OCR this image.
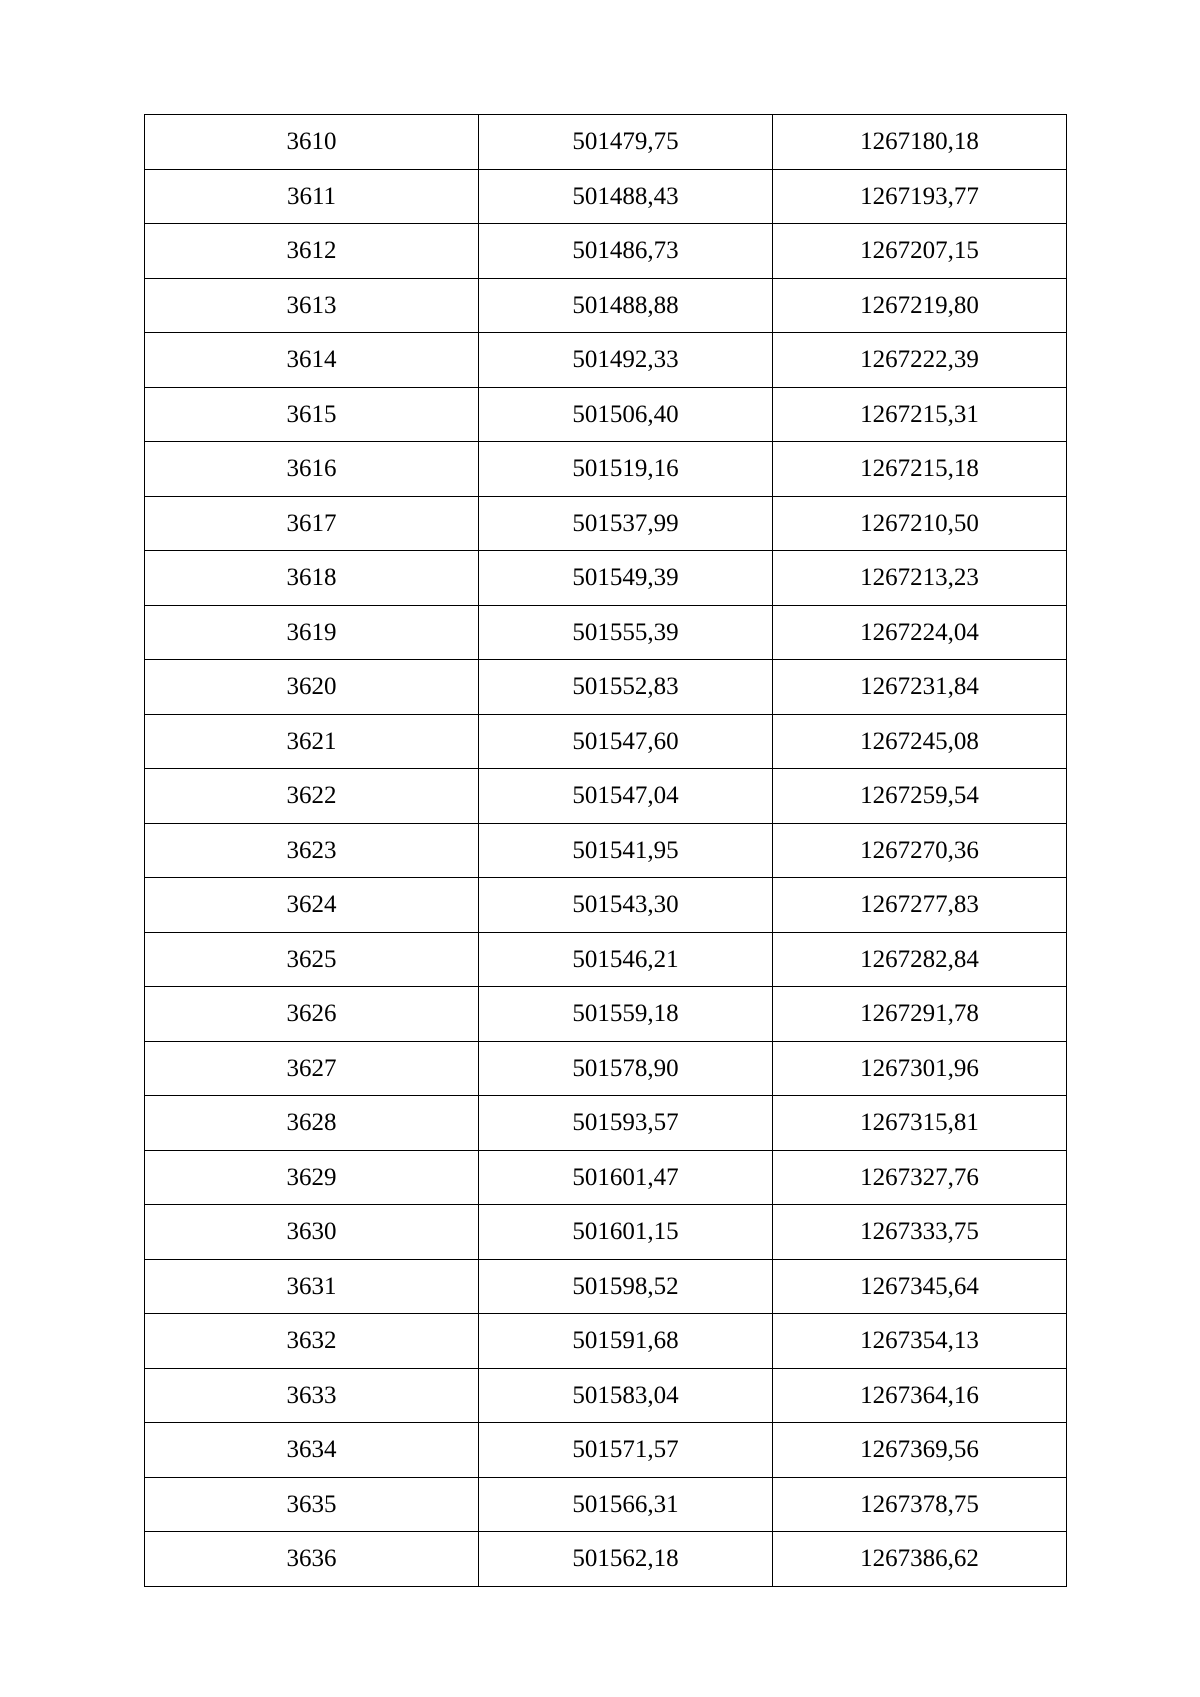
3610	501479,75	1267180,18
3611	501488,43	1267193,77
3612	501486,73	1267207,15
3613	501488,88	1267219,80
3614	501492,33	1267222,39
3615	501506,40	1267215,31
3616	501519,16	1267215,18
3617	501537,99	1267210,50
3618	501549,39	1267213,23
3619	501555,39	1267224,04
3620	501552,83	1267231,84
3621	501547,60	1267245,08
3622	501547,04	1267259,54
3623	501541,95	1267270,36
3624	501543,30	1267277,83
3625	501546,21	1267282,84
3626	501559,18	1267291,78
3627	501578,90	1267301,96
3628	501593,57	1267315,81
3629	501601,47	1267327,76
3630	501601,15	1267333,75
3631	501598,52	1267345,64
3632	501591,68	1267354,13
3633	501583,04	1267364,16
3634	501571,57	1267369,56
3635	501566,31	1267378,75
3636	501562,18	1267386,62
